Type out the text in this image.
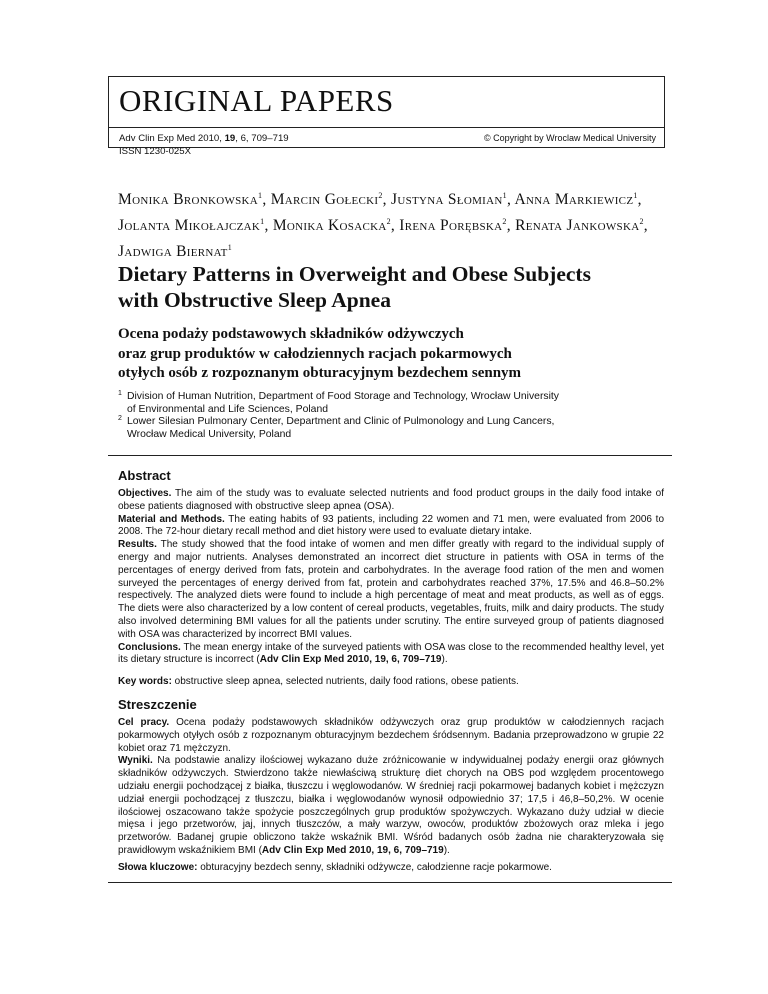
ORIGINAL PAPERS
Adv Clin Exp Med 2010, 19, 6, 709–719
ISSN 1230-025X
© Copyright by Wroclaw Medical University
Monika Bronkowska$^1$, Marcin Gołecki$^2$, Justyna Słomian$^1$, Anna Markiewicz$^1$,
Jolanta Mikołajczak$^1$, Monika Kosacka$^2$, Irena Porębska$^2$, Renata Jankowska$^2$,
Jadwiga Biernat$^1$
Dietary Patterns in Overweight and Obese Subjects
with Obstructive Sleep Apnea
Ocena podaży podstawowych składników odżywczych
oraz grup produktów w całodziennych racjach pokarmowych
otyłych osób z rozpoznanym obturacyjnym bezdechem sennym
1 Division of Human Nutrition, Department of Food Storage and Technology, Wrocław University
of Environmental and Life Sciences, Poland
2 Lower Silesian Pulmonary Center, Department and Clinic of Pulmonology and Lung Cancers,
Wrocław Medical University, Poland
Abstract

Objectives. The aim of the study was to evaluate selected nutrients and food product groups in the daily food intake of obese patients diagnosed with obstructive sleep apnea (OSA).

Material and Methods. The eating habits of 93 patients, including 22 women and 71 men, were evaluated from 2006 to 2008. The 72-hour dietary recall method and diet history were used to evaluate dietary intake.

Results. The study showed that the food intake of women and men differ greatly with regard to the individual supply of energy and major nutrients. Analyses demonstrated an incorrect diet structure in patients with OSA in terms of the percentages of energy derived from fats, protein and carbohydrates. In the average food ration of the men and women surveyed the percentages of energy derived from fat, protein and carbohydrates reached 37%, 17.5% and 46.8–50.2% respectively. The analyzed diets were found to include a high percentage of meat and meat products, as well as of eggs. The diets were also characterized by a low content of cereal products, vegetables, fruits, milk and dairy products. The study also involved determining BMI values for all the patients under scrutiny. The entire surveyed group of patients diagnosed with OSA was characterized by incorrect BMI values.

Conclusions. The mean energy intake of the surveyed patients with OSA was close to the recommended healthy level, yet its dietary structure is incorrect (Adv Clin Exp Med 2010, 19, 6, 709–719).

Key words: obstructive sleep apnea, selected nutrients, daily food rations, obese patients.

Streszczenie

Cel pracy. Ocena podaży podstawowych składników odżywczych oraz grup produktów w całodziennych racjach pokarmowych otyłych osób z rozpoznanym obturacyjnym bezdechem śródsennym. Badania przeprowadzono w grupie 22 kobiet oraz 71 mężczyzn.

Wyniki. Na podstawie analizy ilościowej wykazano duże zróżnicowanie w indywidualnej podaży energii oraz głównych składników odżywczych. Stwierdzono także niewłaściwą strukturę diet chorych na OBS pod względem procentowego udziału energii pochodzącej z białka, tłuszczu i węglowodanów. W średniej racji pokarmowej badanych kobiet i mężczyzn udział energii pochodzącej z tłuszczu, białka i węglowodanów wynosił odpowiednio 37; 17,5 i 46,8–50,2%. W ocenie ilościowej oszacowano także spożycie poszczególnych grup produktów spożywczych. Wykazano duży udział w diecie mięsa i jego przetworów, jaj, innych tłuszczów, a mały warzyw, owoców, produktów zbożowych oraz mleka i jego przetworów. Badanej grupie obliczono także wskaźnik BMI. Wśród badanych osób żadna nie charakteryzowała się prawidłowym wskaźnikiem BMI (Adv Clin Exp Med 2010, 19, 6, 709–719).

Słowa kluczowe: obturacyjny bezdech senny, składniki odżywcze, całodzienne racje pokarmowe.
